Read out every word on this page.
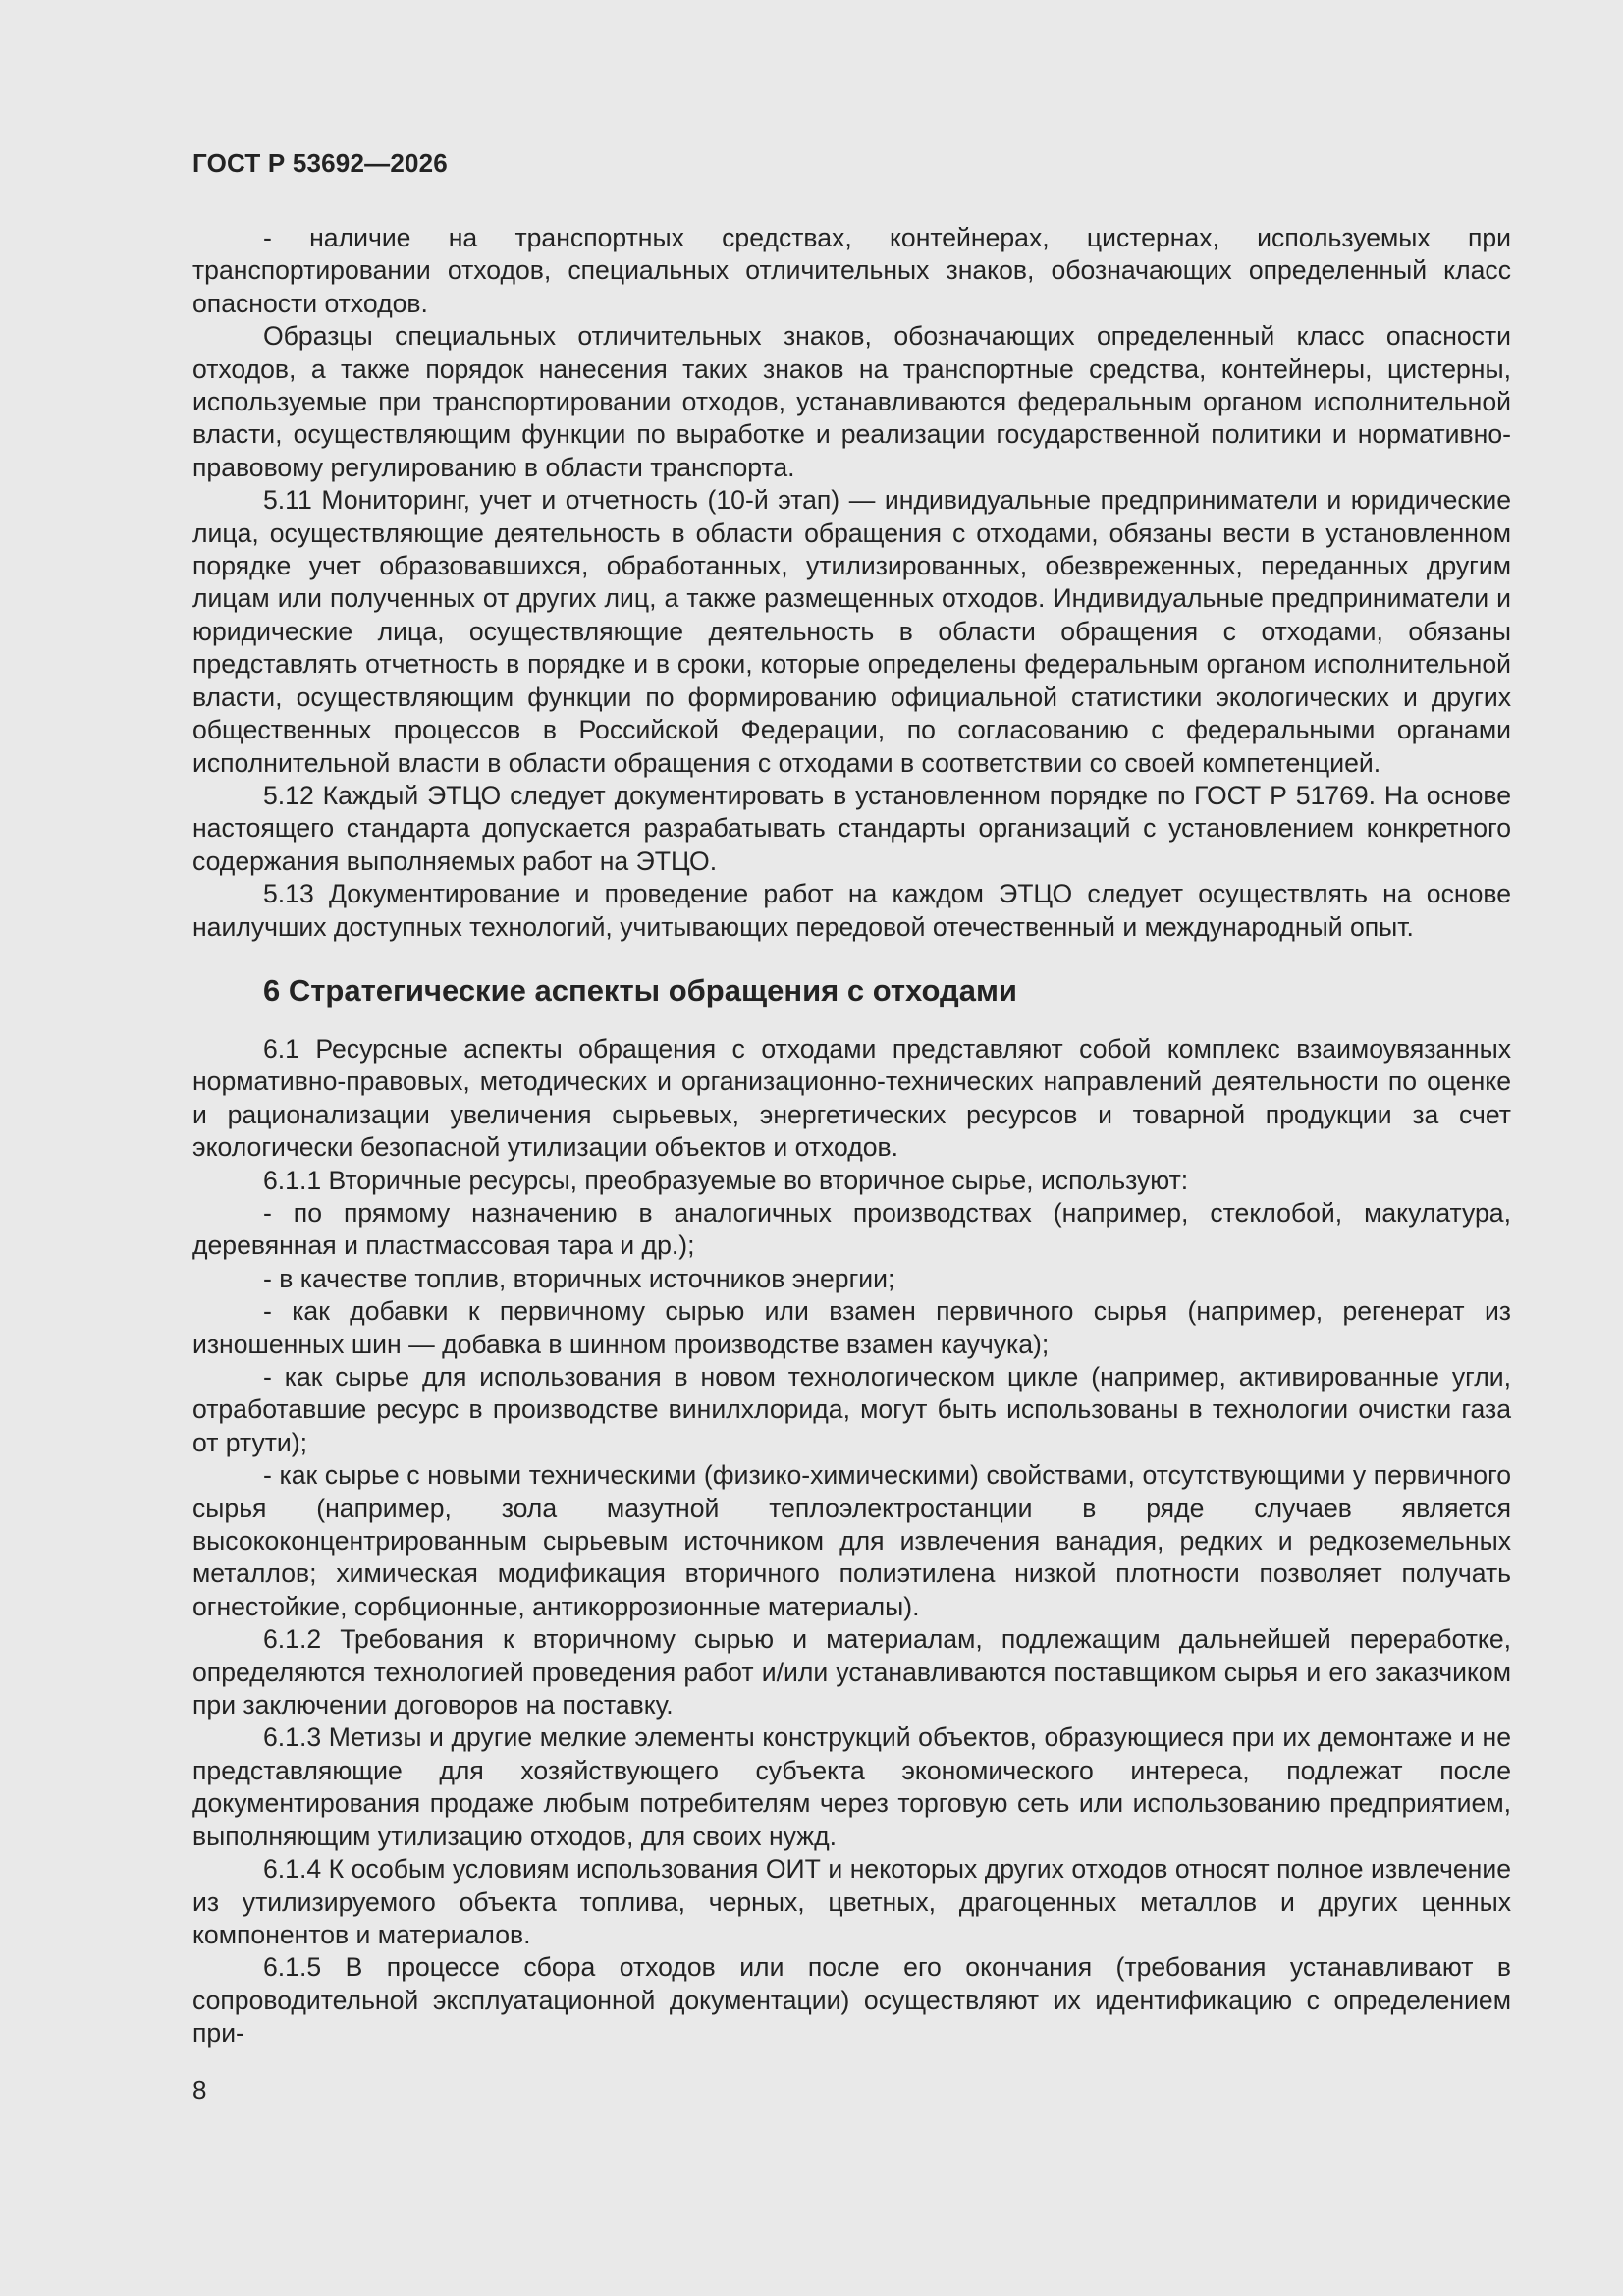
ГОСТ Р 53692—2026

- наличие на транспортных средствах, контейнерах, цистернах, используемых при транспортировании отходов, специальных отличительных знаков, обозначающих определенный класс опасности отходов.

Образцы специальных отличительных знаков, обозначающих определенный класс опасности отходов, а также порядок нанесения таких знаков на транспортные средства, контейнеры, цистерны, используемые при транспортировании отходов, устанавливаются федеральным органом исполнительной власти, осуществляющим функции по выработке и реализации государственной политики и нормативно-правовому регулированию в области транспорта.

5.11 Мониторинг, учет и отчетность (10-й этап) — индивидуальные предприниматели и юридические лица, осуществляющие деятельность в области обращения с отходами, обязаны вести в установленном порядке учет образовавшихся, обработанных, утилизированных, обезвреженных, переданных другим лицам или полученных от других лиц, а также размещенных отходов. Индивидуальные предприниматели и юридические лица, осуществляющие деятельность в области обращения с отходами, обязаны представлять отчетность в порядке и в сроки, которые определены федеральным органом исполнительной власти, осуществляющим функции по формированию официальной статистики экологических и других общественных процессов в Российской Федерации, по согласованию с федеральными органами исполнительной власти в области обращения с отходами в соответствии со своей компетенцией.

5.12 Каждый ЭТЦО следует документировать в установленном порядке по ГОСТ Р 51769. На основе настоящего стандарта допускается разрабатывать стандарты организаций с установлением конкретного содержания выполняемых работ на ЭТЦО.

5.13 Документирование и проведение работ на каждом ЭТЦО следует осуществлять на основе наилучших доступных технологий, учитывающих передовой отечественный и международный опыт.

6 Стратегические аспекты обращения с отходами

6.1 Ресурсные аспекты обращения с отходами представляют собой комплекс взаимоувязанных нормативно-правовых, методических и организационно-технических направлений деятельности по оценке и рационализации увеличения сырьевых, энергетических ресурсов и товарной продукции за счет экологически безопасной утилизации объектов и отходов.

6.1.1 Вторичные ресурсы, преобразуемые во вторичное сырье, используют:

- по прямому назначению в аналогичных производствах (например, стеклобой, макулатура, деревянная и пластмассовая тара и др.);

- в качестве топлив, вторичных источников энергии;

- как добавки к первичному сырью или взамен первичного сырья (например, регенерат из изношенных шин — добавка в шинном производстве взамен каучука);

- как сырье для использования в новом технологическом цикле (например, активированные угли, отработавшие ресурс в производстве винилхлорида, могут быть использованы в технологии очистки газа от ртути);

- как сырье с новыми техническими (физико-химическими) свойствами, отсутствующими у первичного сырья (например, зола мазутной теплоэлектростанции в ряде случаев является высококонцентрированным сырьевым источником для извлечения ванадия, редких и редкоземельных металлов; химическая модификация вторичного полиэтилена низкой плотности позволяет получать огнестойкие, сорбционные, антикоррозионные материалы).

6.1.2 Требования к вторичному сырью и материалам, подлежащим дальнейшей переработке, определяются технологией проведения работ и/или устанавливаются поставщиком сырья и его заказчиком при заключении договоров на поставку.

6.1.3 Метизы и другие мелкие элементы конструкций объектов, образующиеся при их демонтаже и не представляющие для хозяйствующего субъекта экономического интереса, подлежат после документирования продаже любым потребителям через торговую сеть или использованию предприятием, выполняющим утилизацию отходов, для своих нужд.

6.1.4 К особым условиям использования ОИТ и некоторых других отходов относят полное извлечение из утилизируемого объекта топлива, черных, цветных, драгоценных металлов и других ценных компонентов и материалов.

6.1.5 В процессе сбора отходов или после его окончания (требования устанавливают в сопроводительной эксплуатационной документации) осуществляют их идентификацию с определением при-

8
